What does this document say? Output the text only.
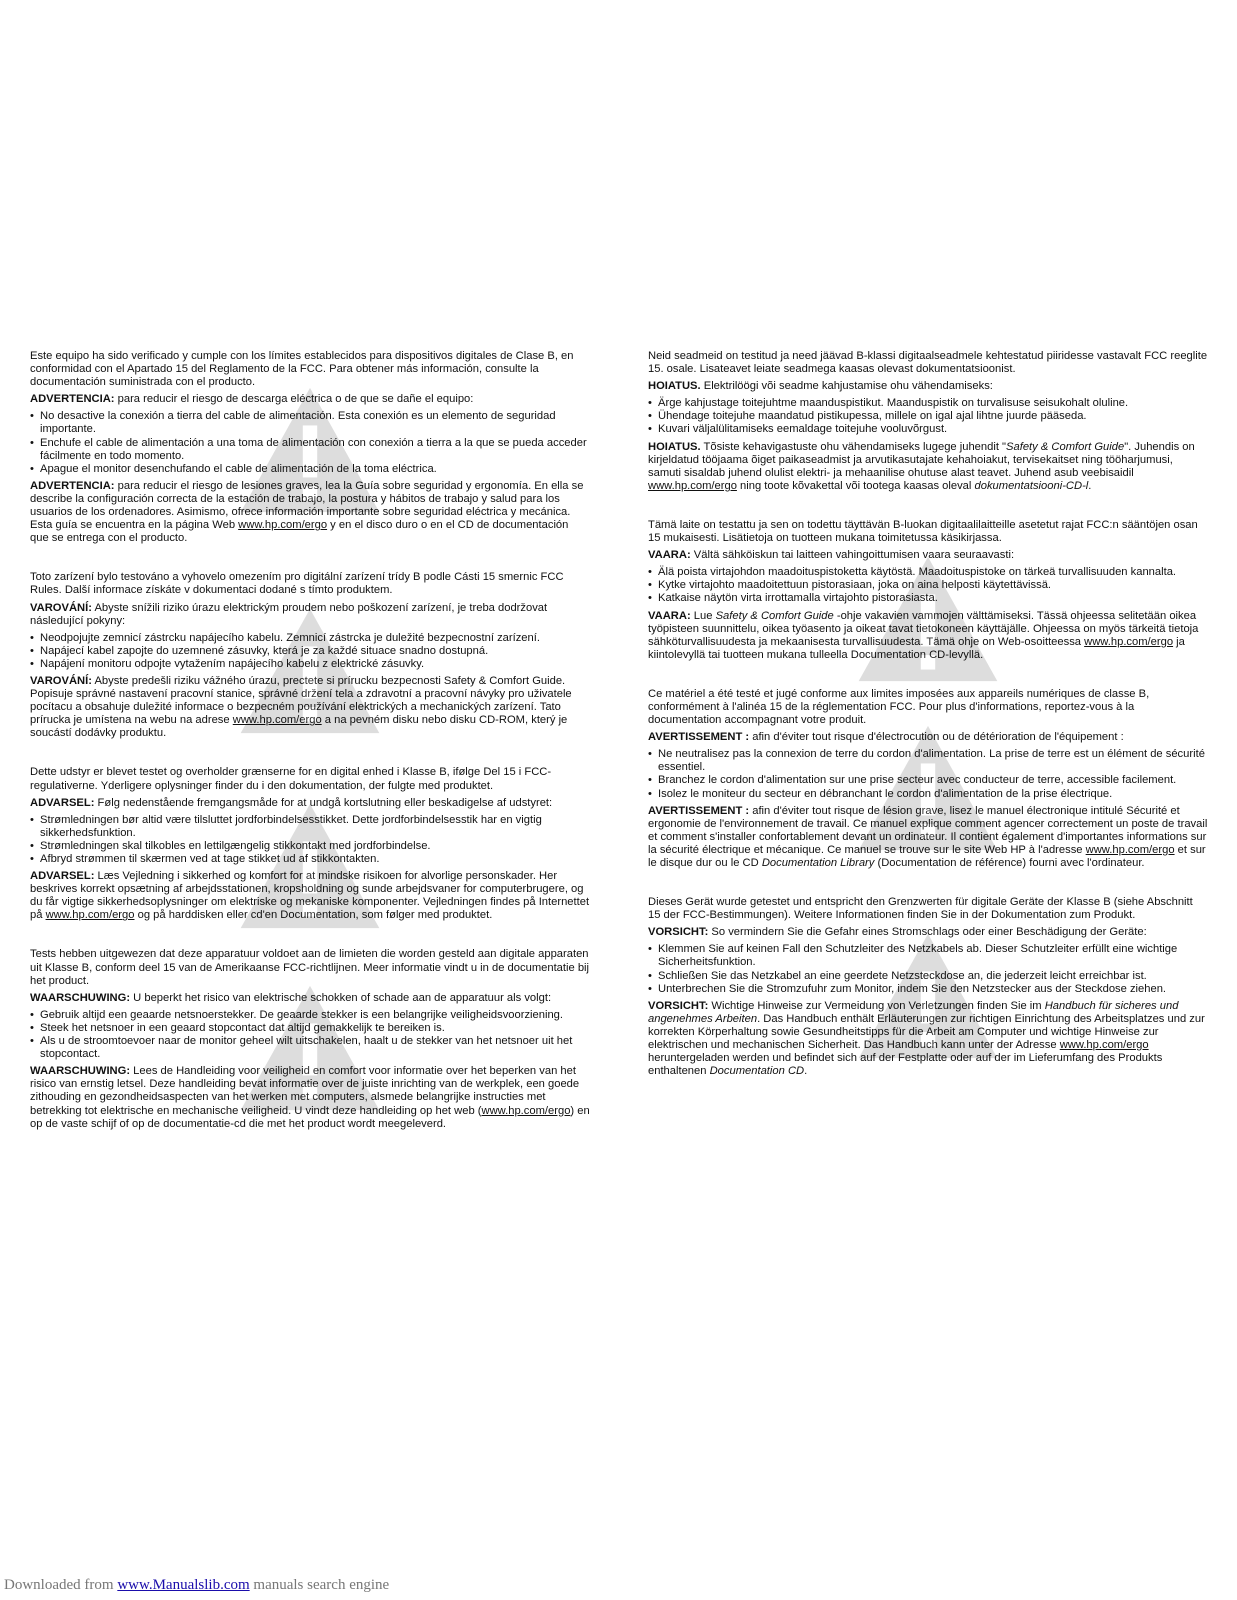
Este equipo ha sido verificado y cumple con los límites establecidos para dispositivos digitales de Clase B, en conformidad con el Apartado 15 del Reglamento de la FCC. Para obtener más información, consulte la documentación suministrada con el producto.

ADVERTENCIA: para reducir el riesgo de descarga eléctrica o de que se dañe el equipo:

• No desactive la conexión a tierra del cable de alimentación. Esta conexión es un elemento de seguridad importante.
• Enchufe el cable de alimentación a una toma de alimentación con conexión a tierra a la que se pueda acceder fácilmente en todo momento.
• Apague el monitor desenchufando el cable de alimentación de la toma eléctrica.

ADVERTENCIA: para reducir el riesgo de lesiones graves, lea la Guía sobre seguridad y ergonomía. En ella se describe la configuración correcta de la estación de trabajo, la postura y hábitos de trabajo y salud para los usuarios de los ordenadores. Asimismo, ofrece información importante sobre seguridad eléctrica y mecánica. Esta guía se encuentra en la página Web www.hp.com/ergo y en el disco duro o en el CD de documentación que se entrega con el producto.

Toto zarízení bylo testováno a vyhovelo omezením pro digitální zarízení trídy B podle Cásti 15 smernic FCC Rules. Další informace získáte v dokumentaci dodané s tímto produktem.

VAROVÁNÍ: Abyste snížili riziko úrazu elektrickým proudem nebo poškození zarízení, je treba dodržovat následující pokyny:

• Neodpojujte zemnicí zástrcku napájecího kabelu. Zemnicí zástrcka je duležité bezpecnostní zarízení.
• Napájecí kabel zapojte do uzemnené zásuvky, která je za každé situace snadno dostupná.
• Napájení monitoru odpojte vytažením napájecího kabelu z elektrické zásuvky.

VAROVÁNÍ: Abyste predešli riziku vážného úrazu, prectete si prírucku bezpecnosti Safety & Comfort Guide. Popisuje správné nastavení pracovní stanice, správné držení tela a zdravotní a pracovní návyky pro uživatele pocítacu a obsahuje duležité informace o bezpecném používání elektrických a mechanických zarízení. Tato prírucka je umístena na webu na adrese www.hp.com/ergo a na pevném disku nebo disku CD-ROM, který je soucástí dodávky produktu.

Dette udstyr er blevet testet og overholder grænserne for en digital enhed i Klasse B, ifølge Del 15 i FCC-regulativerne. Yderligere oplysninger finder du i den dokumentation, der fulgte med produktet.

ADVARSEL: Følg nedenstående fremgangsmåde for at undgå kortslutning eller beskadigelse af udstyret:

• Strømledningen bør altid være tilsluttet jordforbindelsesstikket. Dette jordforbindelsesstik har en vigtig sikkerhedsfunktion.
• Strømledningen skal tilkobles en lettilgængelig stikkontakt med jordforbindelse.
• Afbryd strømmen til skærmen ved at tage stikket ud af stikkontakten.

ADVARSEL: Læs Vejledning i sikkerhed og komfort for at mindske risikoen for alvorlige personskader. Her beskrives korrekt opsætning af arbejdsstationen, kropsholdning og sunde arbejdsvaner for computerbrugere, og du får vigtige sikkerhedsoplysninger om elektriske og mekaniske komponenter. Vejledningen findes på Internettet på www.hp.com/ergo og på harddisken eller cd'en Documentation, som følger med produktet.

Tests hebben uitgewezen dat deze apparatuur voldoet aan de limieten die worden gesteld aan digitale apparaten uit Klasse B, conform deel 15 van de Amerikaanse FCC-richtlijnen. Meer informatie vindt u in de documentatie bij het product.

WAARSCHUWING: U beperkt het risico van elektrische schokken of schade aan de apparatuur als volgt:

• Gebruik altijd een geaarde netsnoerstekker. De geaarde stekker is een belangrijke veiligheidsvoorziening.
• Steek het netsnoer in een geaard stopcontact dat altijd gemakkelijk te bereiken is.
• Als u de stroomtoevoer naar de monitor geheel wilt uitschakelen, haalt u de stekker van het netsnoer uit het stopcontact.

WAARSCHUWING: Lees de Handleiding voor veiligheid en comfort voor informatie over het beperken van het risico van ernstig letsel. Deze handleiding bevat informatie over de juiste inrichting van de werkplek, een goede zithouding en gezondheidsaspecten van het werken met computers, alsmede belangrijke instructies met betrekking tot elektrische en mechanische veiligheid. U vindt deze handleiding op het web (www.hp.com/ergo) en op de vaste schijf of op de documentatie-cd die met het product wordt meegeleverd.

Neid seadmeid on testitud ja need jäävad B-klassi digitaalseadmele kehtestatud piiridesse vastavalt FCC reeglite 15. osale. Lisateavet leiate seadmega kaasas olevast dokumentatsioonist.

HOIATUS. Elektrilöögi või seadme kahjustamise ohu vähendamiseks:

• Ärge kahjustage toitejuhtme maanduspistikut. Maanduspistik on turvalisuse seisukohalt oluline.
• Ühendage toitejuhe maandatud pistikupessa, millele on igal ajal lihtne juurde pääseda.
• Kuvari väljalülitamiseks eemaldage toitejuhe vooluvõrgust.

HOIATUS. Tõsiste kehavigastuste ohu vähendamiseks lugege juhendit "Safety & Comfort Guide". Juhendis on kirjeldatud tööjaama õiget paikaseadmist ja arvutikasutajate kehahoiakut, tervisekaitset ning tööharjumusi, samuti sisaldab juhend olulist elektri- ja mehaanilise ohutuse alast teavet. Juhend asub veebisaidil www.hp.com/ergo ning toote kõvakettal või tootega kaasas oleval dokumentatsiooni-CD-l.

Tämä laite on testattu ja sen on todettu täyttävän B-luokan digitaalilaitteille asetetut rajat FCC:n sääntöjen osan 15 mukaisesti. Lisätietoja on tuotteen mukana toimitetussa käsikirjassa.

VAARA: Vältä sähköiskun tai laitteen vahingoittumisen vaara seuraavasti:

• Älä poista virtajohdon maadoituspistoketta käytöstä. Maadoituspistoke on tärkeä turvallisuuden kannalta.
• Kytke virtajohto maadoitettuun pistorasiaan, joka on aina helposti käytettävissä.
• Katkaise näytön virta irrottamalla virtajohto pistorasiasta.

VAARA: Lue Safety & Comfort Guide -ohje vakavien vammojen välttämiseksi. Tässä ohjeessa selitetään oikea työpisteen suunnittelu, oikea työasento ja oikeat tavat tietokoneen käyttäjälle. Ohjeessa on myös tärkeitä tietoja sähköturvallisuudesta ja mekaanisesta turvallisuudesta. Tämä ohje on Web-osoitteessa www.hp.com/ergo ja kiintolevyllä tai tuotteen mukana tulleella Documentation CD-levyllä.

Ce matériel a été testé et jugé conforme aux limites imposées aux appareils numériques de classe B, conformément à l'alinéa 15 de la réglementation FCC. Pour plus d'informations, reportez-vous à la documentation accompagnant votre produit.

AVERTISSEMENT : afin d'éviter tout risque d'électrocution ou de détérioration de l'équipement :

• Ne neutralisez pas la connexion de terre du cordon d'alimentation. La prise de terre est un élément de sécurité essentiel.
• Branchez le cordon d'alimentation sur une prise secteur avec conducteur de terre, accessible facilement.
• Isolez le moniteur du secteur en débranchant le cordon d'alimentation de la prise électrique.

AVERTISSEMENT : afin d'éviter tout risque de lésion grave, lisez le manuel électronique intitulé Sécurité et ergonomie de l'environnement de travail. Ce manuel explique comment agencer correctement un poste de travail et comment s'installer confortablement devant un ordinateur. Il contient également d'importantes informations sur la sécurité électrique et mécanique. Ce manuel se trouve sur le site Web HP à l'adresse www.hp.com/ergo et sur le disque dur ou le CD Documentation Library (Documentation de référence) fourni avec l'ordinateur.

Dieses Gerät wurde getestet und entspricht den Grenzwerten für digitale Geräte der Klasse B (siehe Abschnitt 15 der FCC-Bestimmungen). Weitere Informationen finden Sie in der Dokumentation zum Produkt.

VORSICHT: So vermindern Sie die Gefahr eines Stromschlags oder einer Beschädigung der Geräte:

• Klemmen Sie auf keinen Fall den Schutzleiter des Netzkabels ab. Dieser Schutzleiter erfüllt eine wichtige Sicherheitsfunktion.
• Schließen Sie das Netzkabel an eine geerdete Netzsteckdose an, die jederzeit leicht erreichbar ist.
• Unterbrechen Sie die Stromzufuhr zum Monitor, indem Sie den Netzstecker aus der Steckdose ziehen.

VORSICHT: Wichtige Hinweise zur Vermeidung von Verletzungen finden Sie im Handbuch für sicheres und angenehmes Arbeiten. Das Handbuch enthält Erläuterungen zur richtigen Einrichtung des Arbeitsplatzes und zur korrekten Körperhaltung sowie Gesundheitstipps für die Arbeit am Computer und wichtige Hinweise zur elektrischen und mechanischen Sicherheit. Das Handbuch kann unter der Adresse www.hp.com/ergo heruntergeladen werden und befindet sich auf der Festplatte oder auf der im Lieferumfang des Produkts enthaltenen Documentation CD.

Downloaded from www.Manualslib.com manuals search engine
